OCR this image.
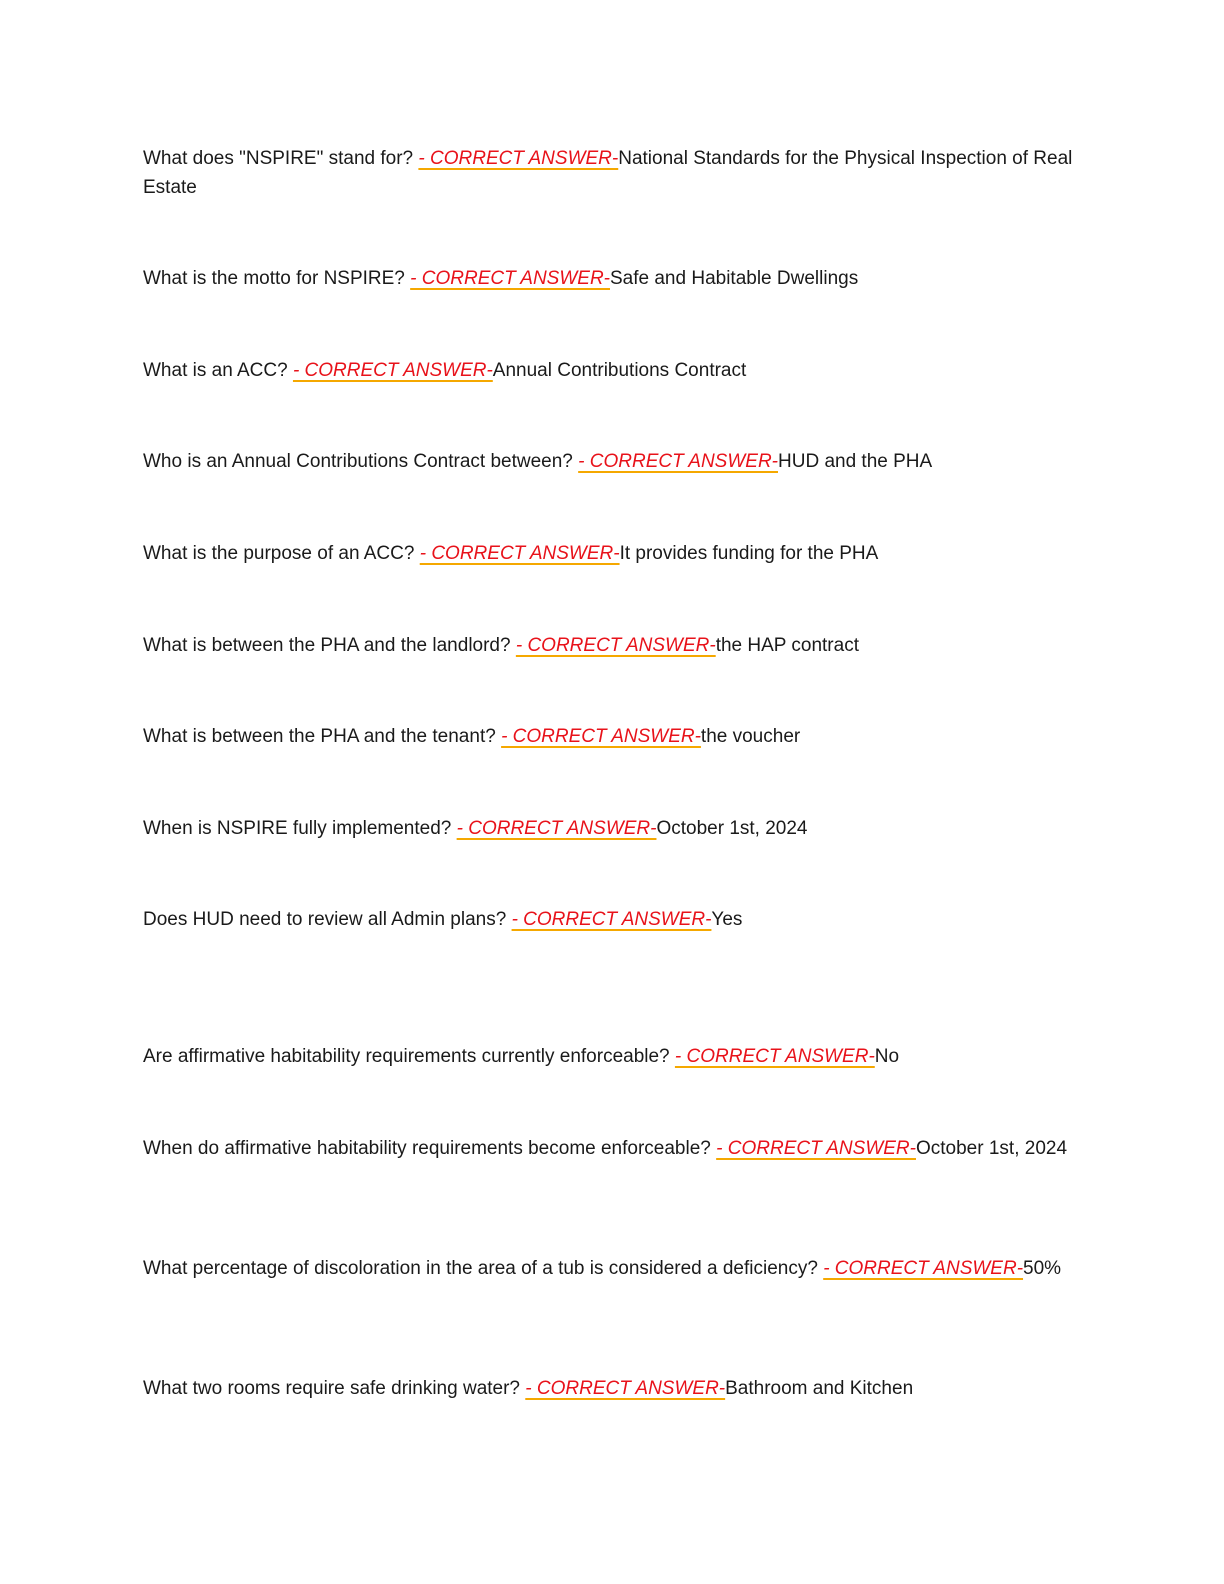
What does "NSPIRE" stand for? - CORRECT ANSWER-National Standards for the Physical Inspection of Real Estate

What is the motto for NSPIRE? - CORRECT ANSWER-Safe and Habitable Dwellings

What is an ACC? - CORRECT ANSWER-Annual Contributions Contract

Who is an Annual Contributions Contract between? - CORRECT ANSWER-HUD and the PHA

What is the purpose of an ACC? - CORRECT ANSWER-It provides funding for the PHA

What is between the PHA and the landlord? - CORRECT ANSWER-the HAP contract

What is between the PHA and the tenant? - CORRECT ANSWER-the voucher

When is NSPIRE fully implemented? - CORRECT ANSWER-October 1st, 2024

Does HUD need to review all Admin plans? - CORRECT ANSWER-Yes

Are affirmative habitability requirements currently enforceable? - CORRECT ANSWER-No

When do affirmative habitability requirements become enforceable? - CORRECT ANSWER-October 1st, 2024

What percentage of discoloration in the area of a tub is considered a deficiency? - CORRECT ANSWER-50%

What two rooms require safe drinking water? - CORRECT ANSWER-Bathroom and Kitchen
